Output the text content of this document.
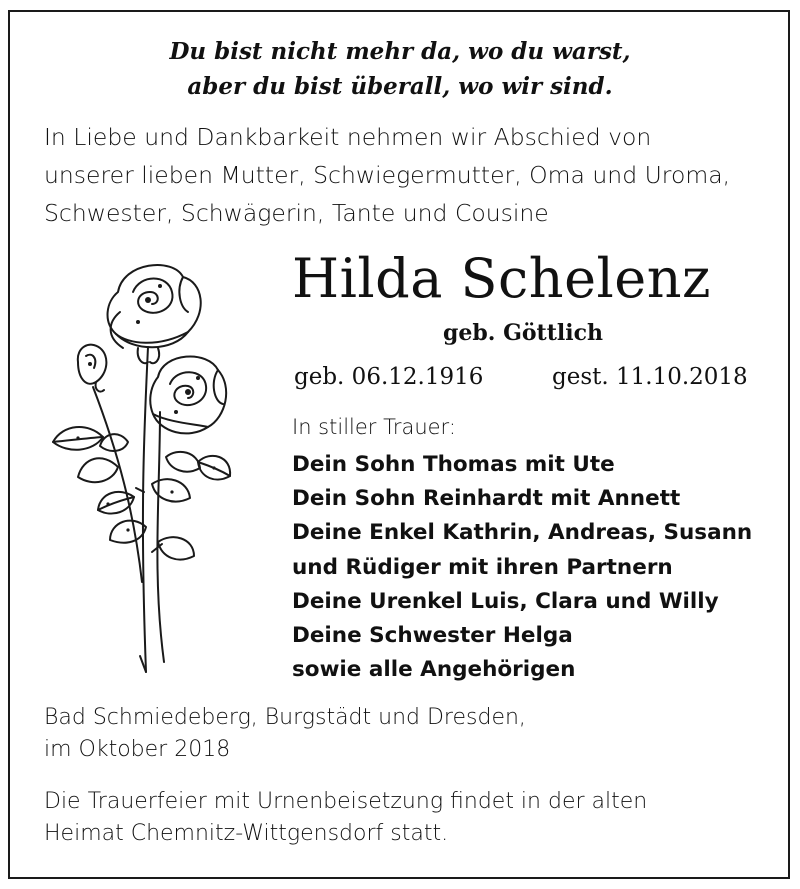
Du bist nicht mehr da, wo du warst,
aber du bist überall, wo wir sind.
In Liebe und Dankbarkeit nehmen wir Abschied von
unserer lieben Mutter, Schwiegermutter, Oma und Uroma,
Schwester, Schwägerin, Tante und Cousine
Hilda Schelenz
geb. Göttlich
geb. 06.12.1916	gest. 11.10.2018
In stiller Trauer:
Dein Sohn Thomas mit Ute
Dein Sohn Reinhardt mit Annett
Deine Enkel Kathrin, Andreas, Susann
und Rüdiger mit ihren Partnern
Deine Urenkel Luis, Clara und Willy
Deine Schwester Helga
sowie alle Angehörigen
Bad Schmiedeberg, Burgstädt und Dresden,
im Oktober 2018
Die Trauerfeier mit Urnenbeisetzung findet in der alten
Heimat Chemnitz-Wittgensdorf statt.
